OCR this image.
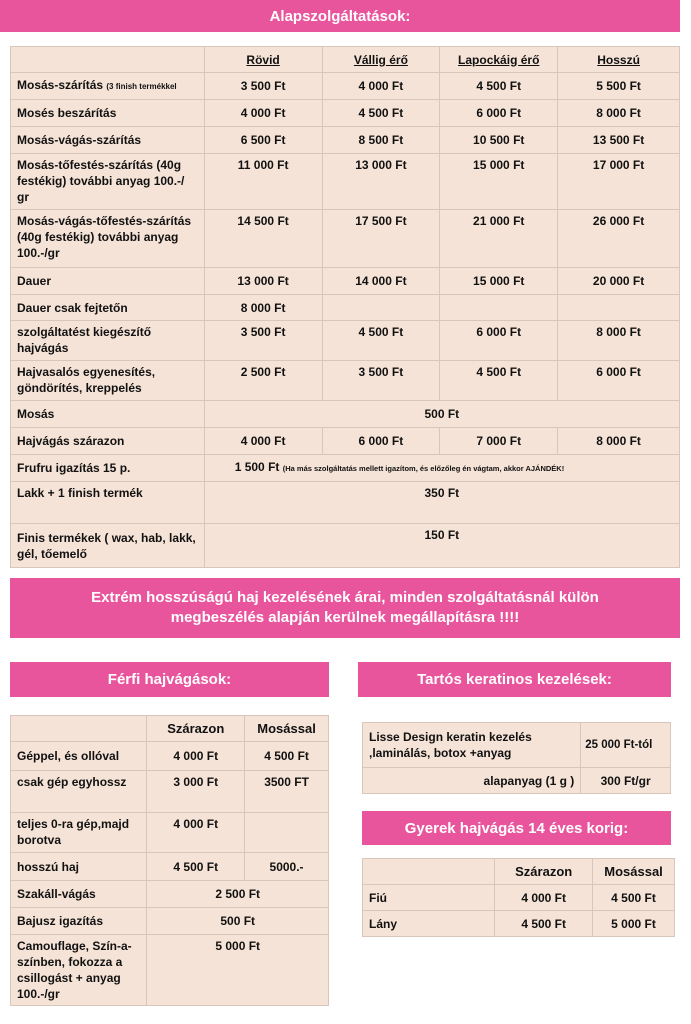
Alapszolgáltatások:
	Rövid	Vállig érő	Lapockáig érő	Hosszú
Mosás-szárítás (3 finish termékkel	3 500 Ft	4 000 Ft	4 500 Ft	5 500 Ft
Mosés beszárítás	4 000 Ft	4 500 Ft	6 000 Ft	8 000 Ft
Mosás-vágás-szárítás	6 500 Ft	8 500 Ft	10 500 Ft	13 500 Ft
Mosás-tőfestés-szárítás (40g festékig) további anyag 100.-/ gr	11 000 Ft	13 000 Ft	15 000 Ft	17 000 Ft
Mosás-vágás-tőfestés-szárítás (40g festékig) további anyag 100.-/gr	14 500 Ft	17 500 Ft	21 000 Ft	26 000 Ft
Dauer	13 000 Ft	14 000 Ft	15 000 Ft	20 000 Ft
Dauer csak fejtetőn	8 000 Ft			
szolgáltatést kiegészítő hajvágás	3 500 Ft	4 500 Ft	6 000 Ft	8 000 Ft
Hajvasalós egyenesítés, göndörítés, kreppelés	2 500 Ft	3 500 Ft	4 500 Ft	6 000 Ft
Mosás	500 Ft			
Hajvágás szárazon	4 000 Ft	6 000 Ft	7 000 Ft	8 000 Ft
Frufru igazítás 15 p.	1 500 Ft (Ha más szolgáltatás mellett igazítom, és előzőleg én vágtam, akkor AJÁNDÉK!			
Lakk + 1 finish termék	350 Ft			
Finis termékek ( wax, hab, lakk, gél, tőemelő	150 Ft			
Extrém hosszúságú haj kezelésének árai, minden szolgáltatásnál külön megbeszélés alapján kerülnek megállapításra !!!!
Férfi hajvágások:
	Szárazon	Mosással
Géppel, és ollóval	4 000 Ft	4 500 Ft
csak gép egyhossz	3 000 Ft	3500 FT
teljes 0-ra gép,majd borotva	4 000 Ft	
hosszú haj	4 500 Ft	5000.-
Szakáll-vágás	2 500 Ft	
Bajusz igazítás	500 Ft	
Camouflage, Szín-a-színben, fokozza a csillogást + anyag 100.-/gr	5 000 Ft	
Tartós keratinos kezelések:
Lisse Design keratin kezelés ,laminálás, botox +anyag	25 000 Ft-tól
alapanyag (1 g )	300 Ft/gr
Gyerek hajvágás 14 éves korig:
	Szárazon	Mosással
Fiú	4 000 Ft	4 500 Ft
Lány	4 500 Ft	5 000 Ft
